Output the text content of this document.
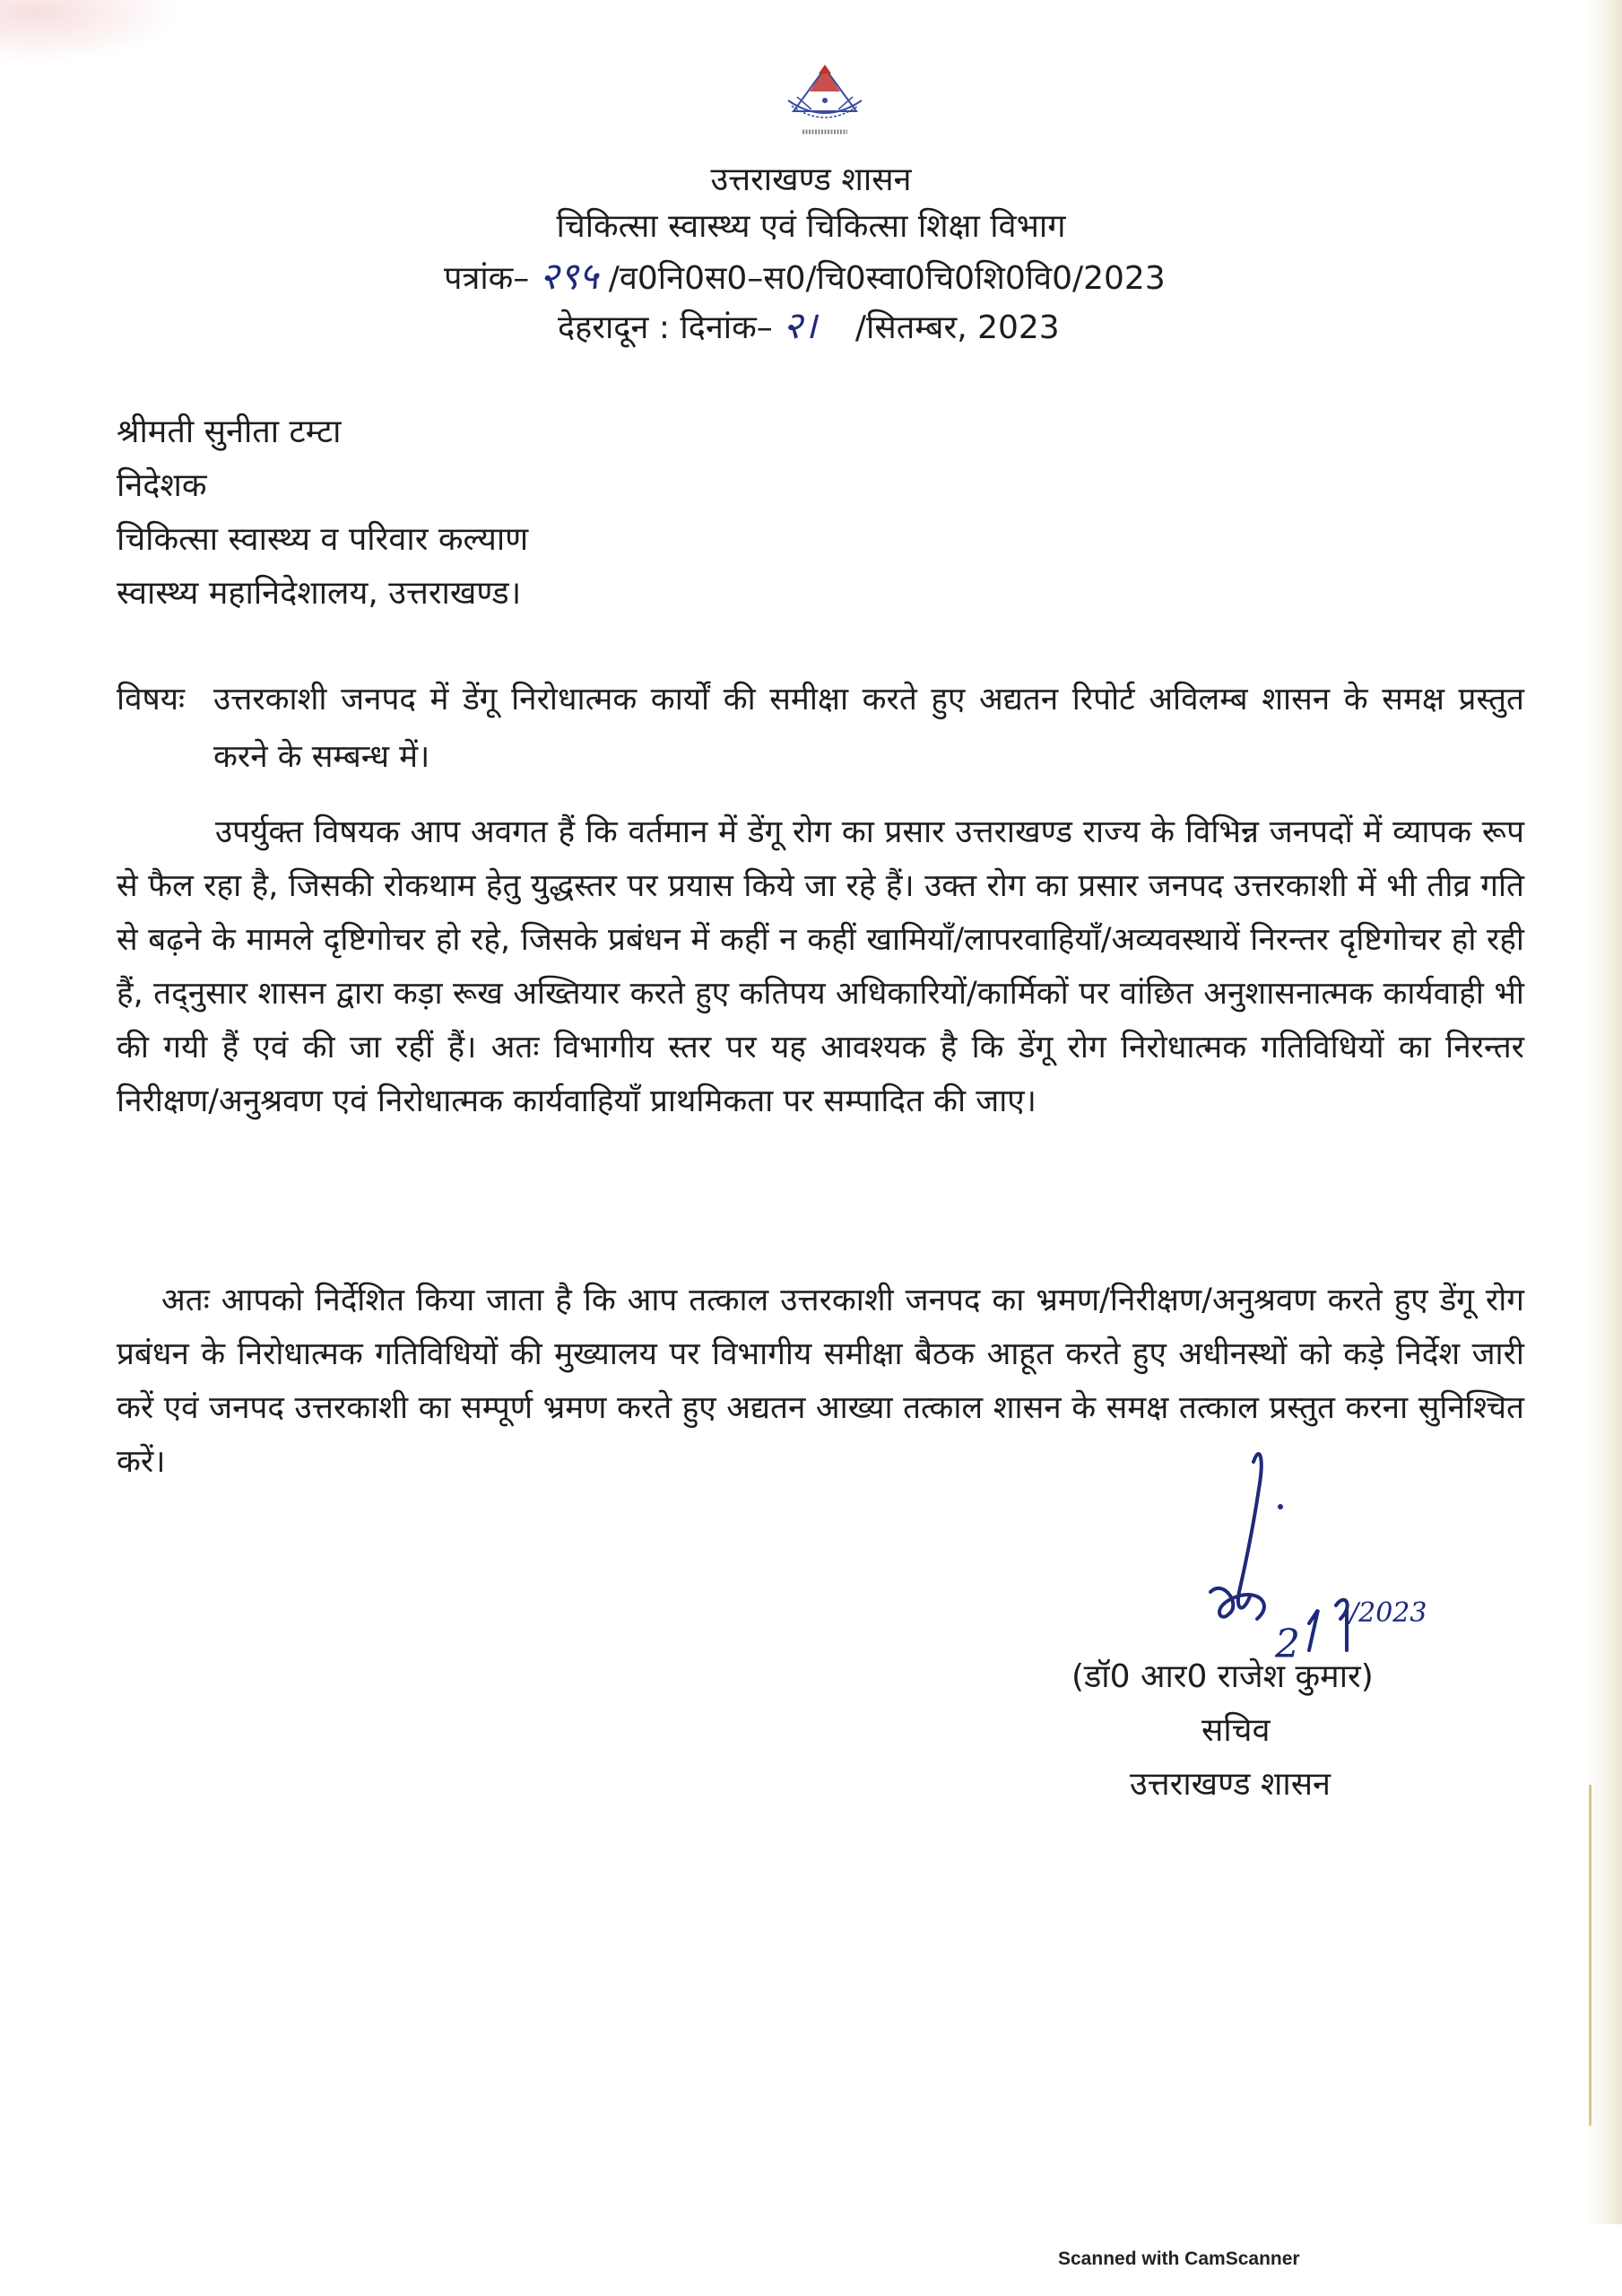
उत्तराखण्ड शासन
चिकित्सा स्वास्थ्य एवं चिकित्सा शिक्षा विभाग
पत्रांक– २९५ /व0नि0स0–स0/चि0स्वा0चि0शि0वि0/2023
देहरादून : दिनांक– २। /सितम्बर, 2023
श्रीमती सुनीता टम्टा
निदेशक
चिकित्सा स्वास्थ्य व परिवार कल्याण
स्वास्थ्य महानिदेशालय, उत्तराखण्ड।
विषयः उत्तरकाशी जनपद में डेंगू निरोधात्मक कार्यों की समीक्षा करते हुए अद्यतन रिपोर्ट अविलम्ब शासन के समक्ष प्रस्तुत करने के सम्बन्ध में।
उपर्युक्त विषयक आप अवगत हैं कि वर्तमान में डेंगू रोग का प्रसार उत्तराखण्ड राज्य के विभिन्न जनपदों में व्यापक रूप से फैल रहा है, जिसकी रोकथाम हेतु युद्धस्तर पर प्रयास किये जा रहे हैं। उक्त रोग का प्रसार जनपद उत्तरकाशी में भी तीव्र गति से बढ़ने के मामले दृष्टिगोचर हो रहे, जिसके प्रबंधन में कहीं न कहीं खामियाँ/लापरवाहियाँ/अव्यवस्थायें निरन्तर दृष्टिगोचर हो रही हैं, तद्नुसार शासन द्वारा कड़ा रूख अख्तियार करते हुए कतिपय अधिकारियों/कार्मिकों पर वांछित अनुशासनात्मक कार्यवाही भी की गयी हैं एवं की जा रहीं हैं। अतः विभागीय स्तर पर यह आवश्यक है कि डेंगू रोग निरोधात्मक गतिविधियों का निरन्तर निरीक्षण/अनुश्रवण एवं निरोधात्मक कार्यवाहियाँ प्राथमिकता पर सम्पादित की जाए।
अतः आपको निर्देशित किया जाता है कि आप तत्काल उत्तरकाशी जनपद का भ्रमण/निरीक्षण/अनुश्रवण करते हुए डेंगू रोग प्रबंधन के निरोधात्मक गतिविधियों की मुख्यालय पर विभागीय समीक्षा बैठक आहूत करते हुए अधीनस्थों को कड़े निर्देश जारी करें एवं जनपद उत्तरकाशी का सम्पूर्ण भ्रमण करते हुए अद्यतन आख्या तत्काल शासन के समक्ष तत्काल प्रस्तुत करना सुनिश्चित करें।
2
/2023
(डॉ0 आर0 राजेश कुमार)
सचिव
उत्तराखण्ड शासन
Scanned with CamScanner
